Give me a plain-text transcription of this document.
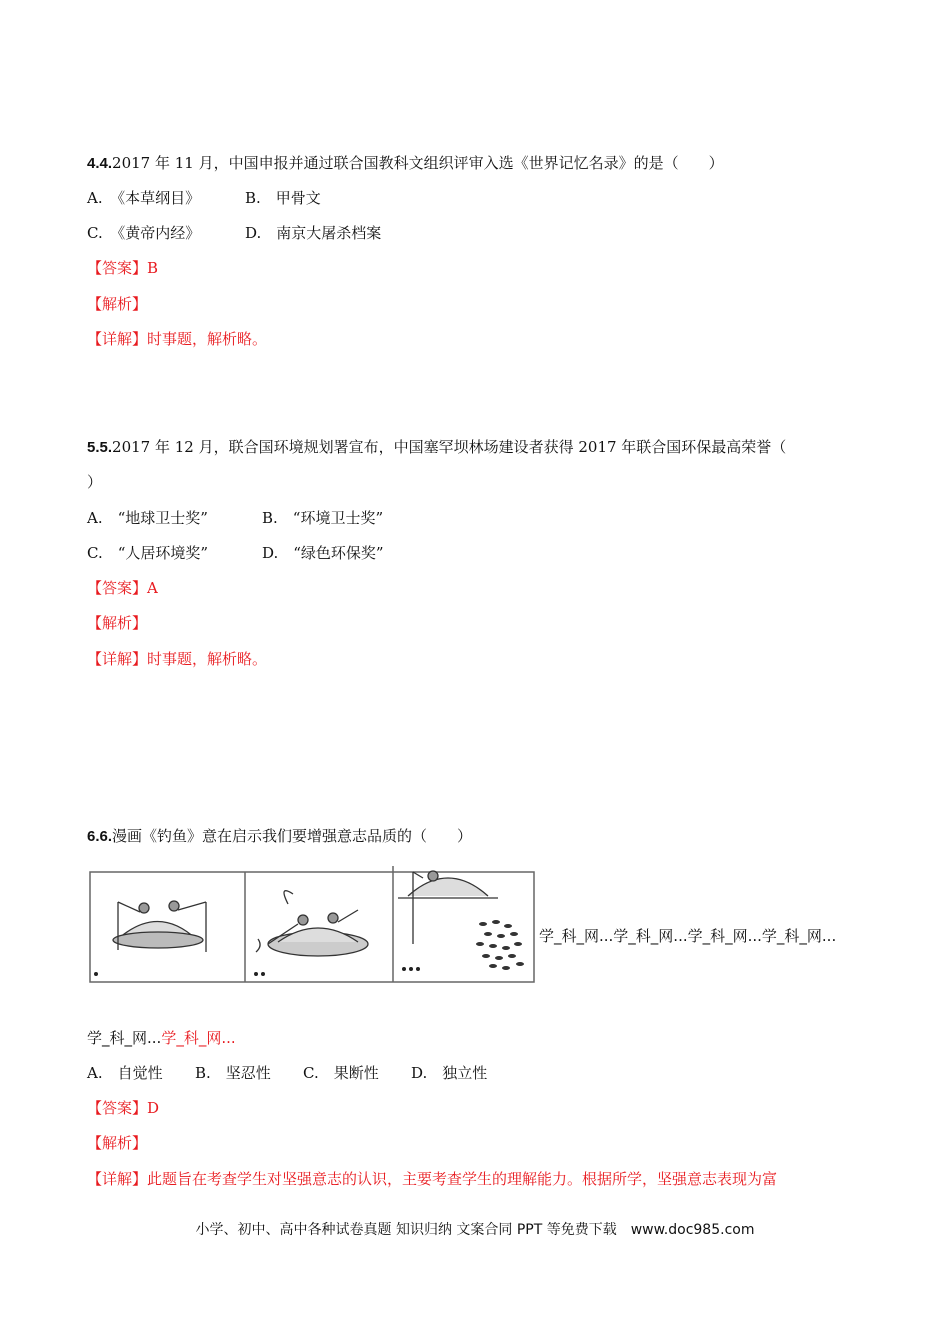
4.4.2017 年 11 月，中国申报并通过联合国教科文组织评审入选《世界记忆名录》的是（　　）
A.　《本草纲目》	B.　甲骨文
C.　《黄帝内经》	D.　南京大屠杀档案
【答案】B
【解析】
【详解】时事题，解析略。
5.5.2017 年 12 月，联合国环境规划署宣布，中国塞罕坝林场建设者获得 2017 年联合国环保最高荣誉（
）
A.　“地球卫士奖”	B.　“环境卫士奖”
C.　“人居环境奖”	D.　“绿色环保奖”
【答案】A
【解析】
【详解】时事题，解析略。
6.6.漫画《钓鱼》意在启示我们要增强意志品质的（　　）
学_科_网...学_科_网...学_科_网...学_科_网...
学_科_网...学_科_网...
A.　自觉性 B.　坚忍性 C.　果断性 D.　独立性
【答案】D
【解析】
【详解】此题旨在考查学生对坚强意志的认识，主要考查学生的理解能力。根据所学，坚强意志表现为富
小学、初中、高中各种试卷真题 知识归纳 文案合同 PPT 等免费下载　www.doc985.com
